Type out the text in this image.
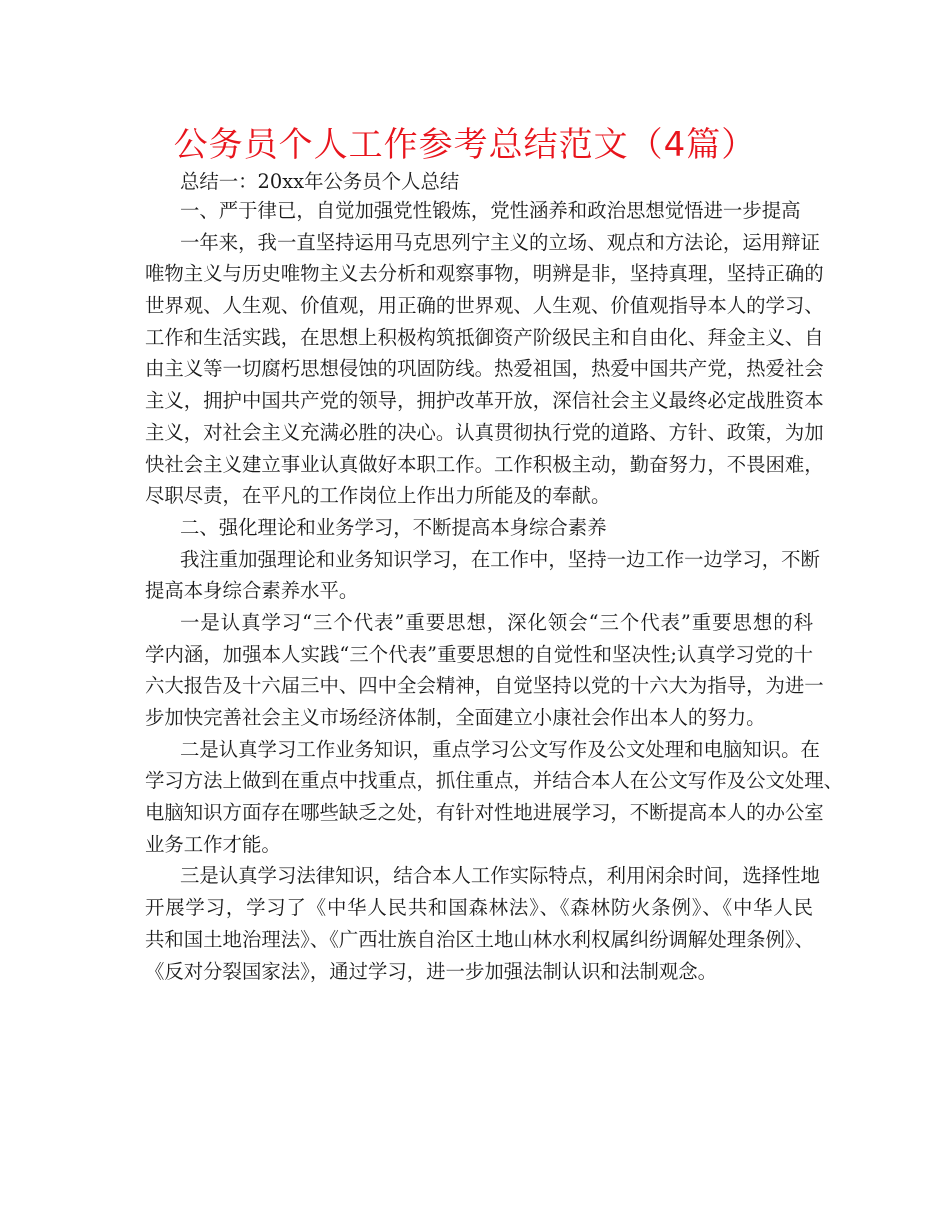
公务员个人工作参考总结范文（4篇）
总结一：20xx年公务员个人总结
一、严于律已，自觉加强党性锻炼，党性涵养和政治思想觉悟进一步提高
一年来，我一直坚持运用马克思列宁主义的立场、观点和方法论，运用辩证
唯物主义与历史唯物主义去分析和观察事物，明辨是非，坚持真理，坚持正确的
世界观、人生观、价值观，用正确的世界观、人生观、价值观指导本人的学习、
工作和生活实践，在思想上积极构筑抵御资产阶级民主和自由化、拜金主义、自
由主义等一切腐朽思想侵蚀的巩固防线。热爱祖国，热爱中国共产党，热爱社会
主义，拥护中国共产党的领导，拥护改革开放，深信社会主义最终必定战胜资本
主义，对社会主义充满必胜的决心。认真贯彻执行党的道路、方针、政策，为加
快社会主义建立事业认真做好本职工作。工作积极主动，勤奋努力，不畏困难，
尽职尽责，在平凡的工作岗位上作出力所能及的奉献。
二、强化理论和业务学习，不断提高本身综合素养
我注重加强理论和业务知识学习，在工作中，坚持一边工作一边学习，不断
提高本身综合素养水平。
一是认真学习“三个代表”重要思想，深化领会“三个代表”重要思想的科
学内涵，加强本人实践“三个代表”重要思想的自觉性和坚决性;认真学习党的十
六大报告及十六届三中、四中全会精神，自觉坚持以党的十六大为指导，为进一
步加快完善社会主义市场经济体制，全面建立小康社会作出本人的努力。
二是认真学习工作业务知识，重点学习公文写作及公文处理和电脑知识。在
学习方法上做到在重点中找重点，抓住重点，并结合本人在公文写作及公文处理、
电脑知识方面存在哪些缺乏之处，有针对性地进展学习，不断提高本人的办公室
业务工作才能。
三是认真学习法律知识，结合本人工作实际特点，利用闲余时间，选择性地
开展学习，学习了《中华人民共和国森林法》、《森林防火条例》、《中华人民
共和国土地治理法》、《广西壮族自治区土地山林水利权属纠纷调解处理条例》、
《反对分裂国家法》，通过学习，进一步加强法制认识和法制观念。
